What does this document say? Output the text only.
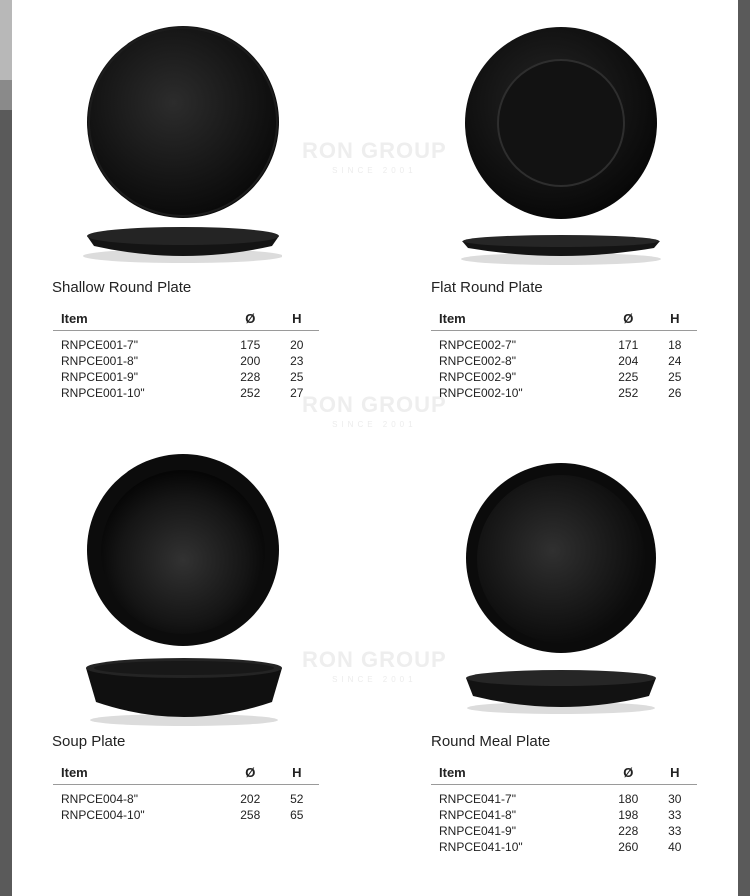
RON GROUP
SINCE 2001
RON GROUP
SINCE 2001
RON GROUP
SINCE 2001
Shallow Round Plate
Item	Ø	H
RNPCE001-7"	175	20
RNPCE001-8"	200	23
RNPCE001-9"	228	25
RNPCE001-10"	252	27
Flat Round Plate
Item	Ø	H
RNPCE002-7"	171	18
RNPCE002-8"	204	24
RNPCE002-9"	225	25
RNPCE002-10"	252	26
Soup Plate
Item	Ø	H
RNPCE004-8"	202	52
RNPCE004-10"	258	65
Round Meal Plate
Item	Ø	H
RNPCE041-7"	180	30
RNPCE041-8"	198	33
RNPCE041-9"	228	33
RNPCE041-10"	260	40
